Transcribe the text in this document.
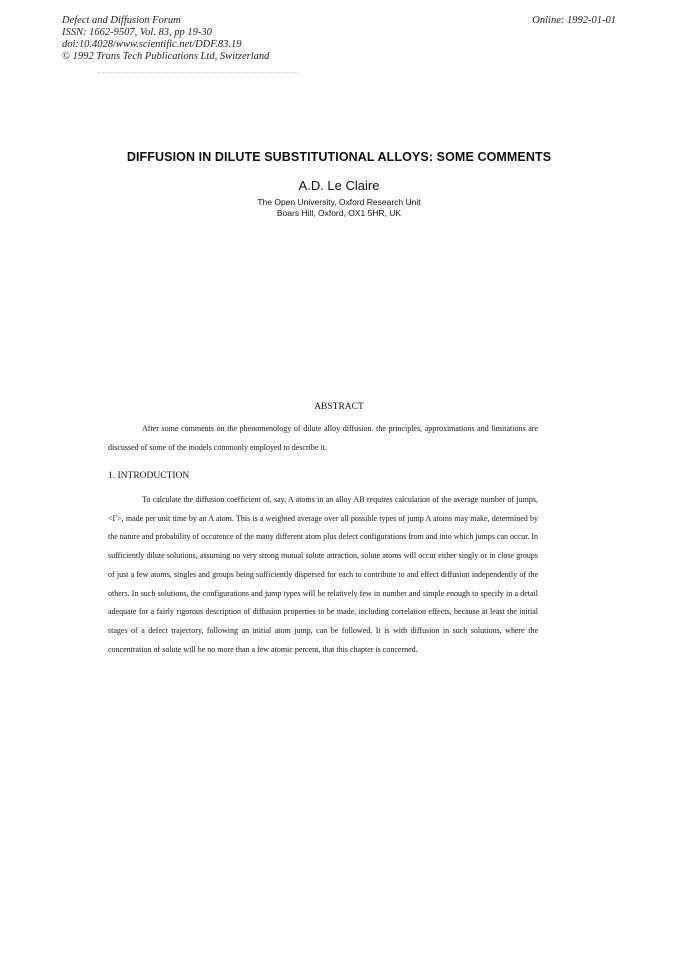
Defect and Diffusion Forum
ISSN: 1662-9507, Vol. 83, pp 19-30
doi:10.4028/www.scientific.net/DDF.83.19
© 1992 Trans Tech Publications Ltd, Switzerland
Online: 1992-01-01
DIFFUSION IN DILUTE SUBSTITUTIONAL ALLOYS: SOME COMMENTS
A.D. Le Claire
The Open University, Oxford Research Unit
Boars Hill, Oxford, OX1 5HR, UK
ABSTRACT

After some comments on the phenomenology of dilute alloy diffusion. the principles, approximations and limitations are discussed of some of the models commonly employed to describe it.

1. INTRODUCTION

To calculate the diffusion coefficient of, say, A atoms in an alloy AB requires calculation of the average number of jumps, <Γ>, made per unit time by an A atom. This is a weighted average over all possible types of jump A atoms may make, determined by the nature and probability of occurence of the many different atom plus defect configurations from and into which jumps can occur. In sufficiently dilute solutions, assuming no very strong mutual solute attraction, solute atoms will occur either singly or in close groups of just a few atoms, singles and groups being sufficiently dispersed for each to contribute to and effect diffusion independently of the others. In such solutions, the configurations and jump types will be relatively few in number and simple enough to specify in a detail adequate for a fairly rigorous description of diffusion properties to be made, including correlation effects, because at least the initial stages of a defect trajectory, following an initial atom jump, can be followed. It is with diffusion in such solutions, where the concentration of solute will be no more than a few atomic percent, that this chapter is concerned.
